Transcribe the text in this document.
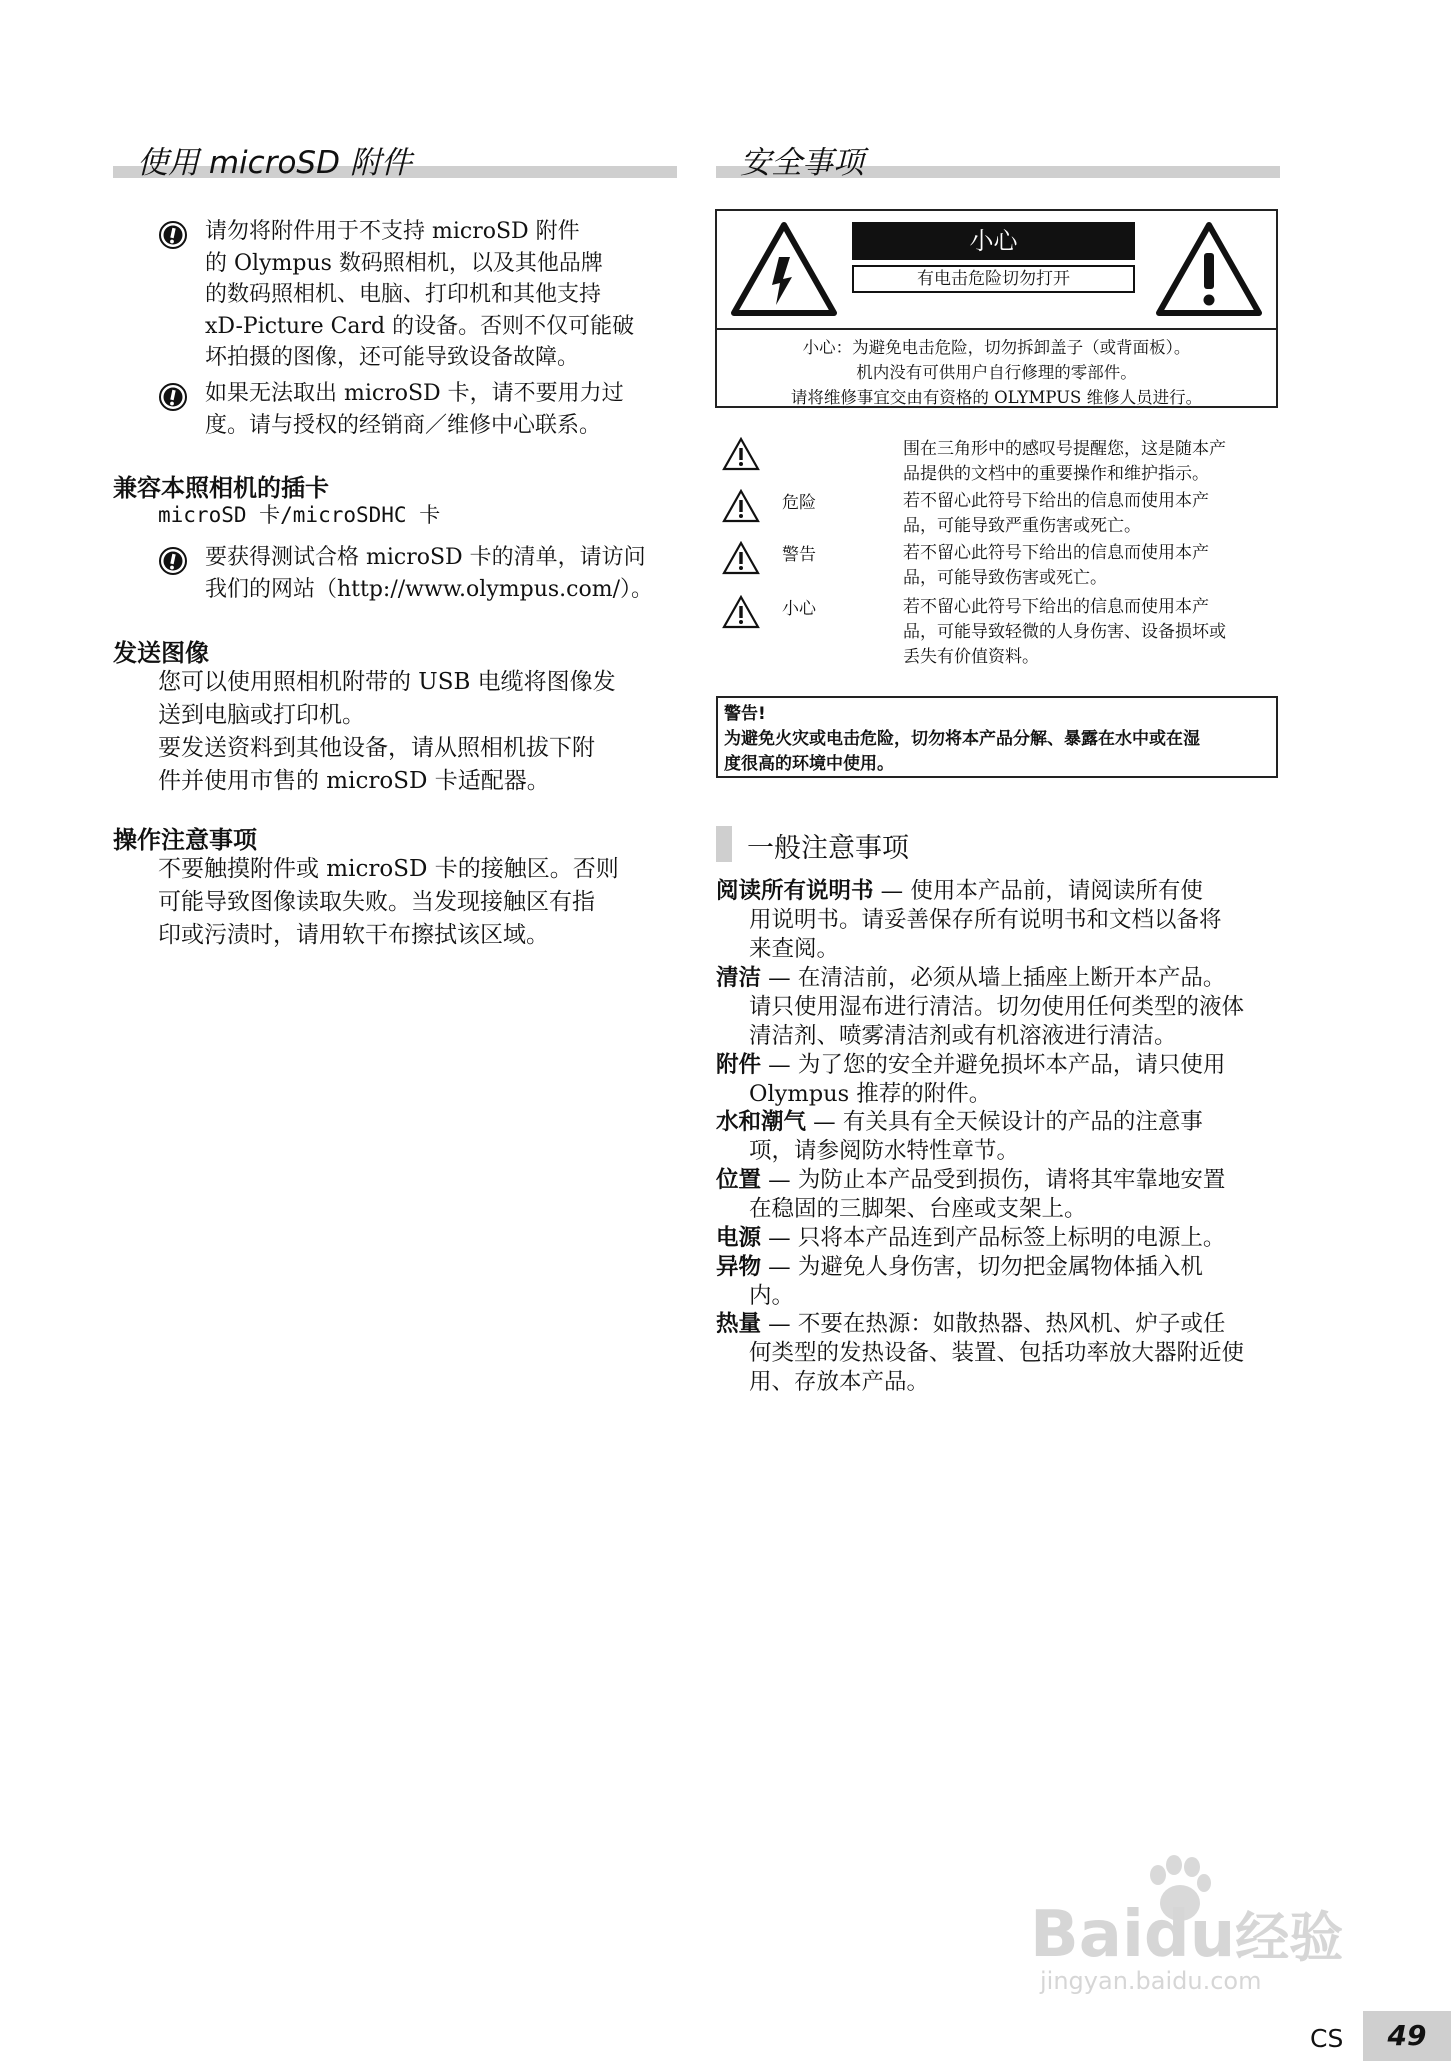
使用 microSD 附件
请勿将附件用于不支持 microSD 附件
的 Olympus 数码照相机，以及其他品牌
的数码照相机、电脑、打印机和其他支持
xD-Picture Card 的设备。否则不仅可能破
坏拍摄的图像，还可能导致设备故障。
如果无法取出 microSD 卡，请不要用力过
度。请与授权的经销商／维修中心联系。
兼容本照相机的插卡
microSD 卡/microSDHC 卡
要获得测试合格 microSD 卡的清单，请访问
我们的网站（http://www.olympus.com/）。
发送图像
您可以使用照相机附带的 USB 电缆将图像发
送到电脑或打印机。
要发送资料到其他设备，请从照相机拔下附
件并使用市售的 microSD 卡适配器。
操作注意事项
不要触摸附件或 microSD 卡的接触区。否则
可能导致图像读取失败。当发现接触区有指
印或污渍时，请用软干布擦拭该区域。
安全事项
小心
有电击危险切勿打开
小心：为避免电击危险，切勿拆卸盖子（或背面板）。
机内没有可供用户自行修理的零部件。
请将维修事宜交由有资格的 OLYMPUS 维修人员进行。
围在三角形中的感叹号提醒您，这是随本产
品提供的文档中的重要操作和维护指示。
危险	若不留心此符号下给出的信息而使用本产
品，可能导致严重伤害或死亡。
警告	若不留心此符号下给出的信息而使用本产
品，可能导致伤害或死亡。
小心	若不留心此符号下给出的信息而使用本产
品，可能导致轻微的人身伤害、设备损坏或
丢失有价值资料。
警告!
为避免火灾或电击危险，切勿将本产品分解、暴露在水中或在湿
度很高的环境中使用。
一般注意事项
阅读所有说明书 — 使用本产品前，请阅读所有使
用说明书。请妥善保存所有说明书和文档以备将
来查阅。
清洁 — 在清洁前，必须从墙上插座上断开本产品。
请只使用湿布进行清洁。切勿使用任何类型的液体
清洁剂、喷雾清洁剂或有机溶液进行清洁。
附件 — 为了您的安全并避免损坏本产品，请只使用
Olympus 推荐的附件。
水和潮气 — 有关具有全天候设计的产品的注意事
项，请参阅防水特性章节。
位置 — 为防止本产品受到损伤，请将其牢靠地安置
在稳固的三脚架、台座或支架上。
电源 — 只将本产品连到产品标签上标明的电源上。
异物 — 为避免人身伤害，切勿把金属物体插入机
内。
热量 — 不要在热源：如散热器、热风机、炉子或任
何类型的发热设备、装置、包括功率放大器附近使
用、存放本产品。
Baidu经验
jingyan.baidu.com
CS	49
